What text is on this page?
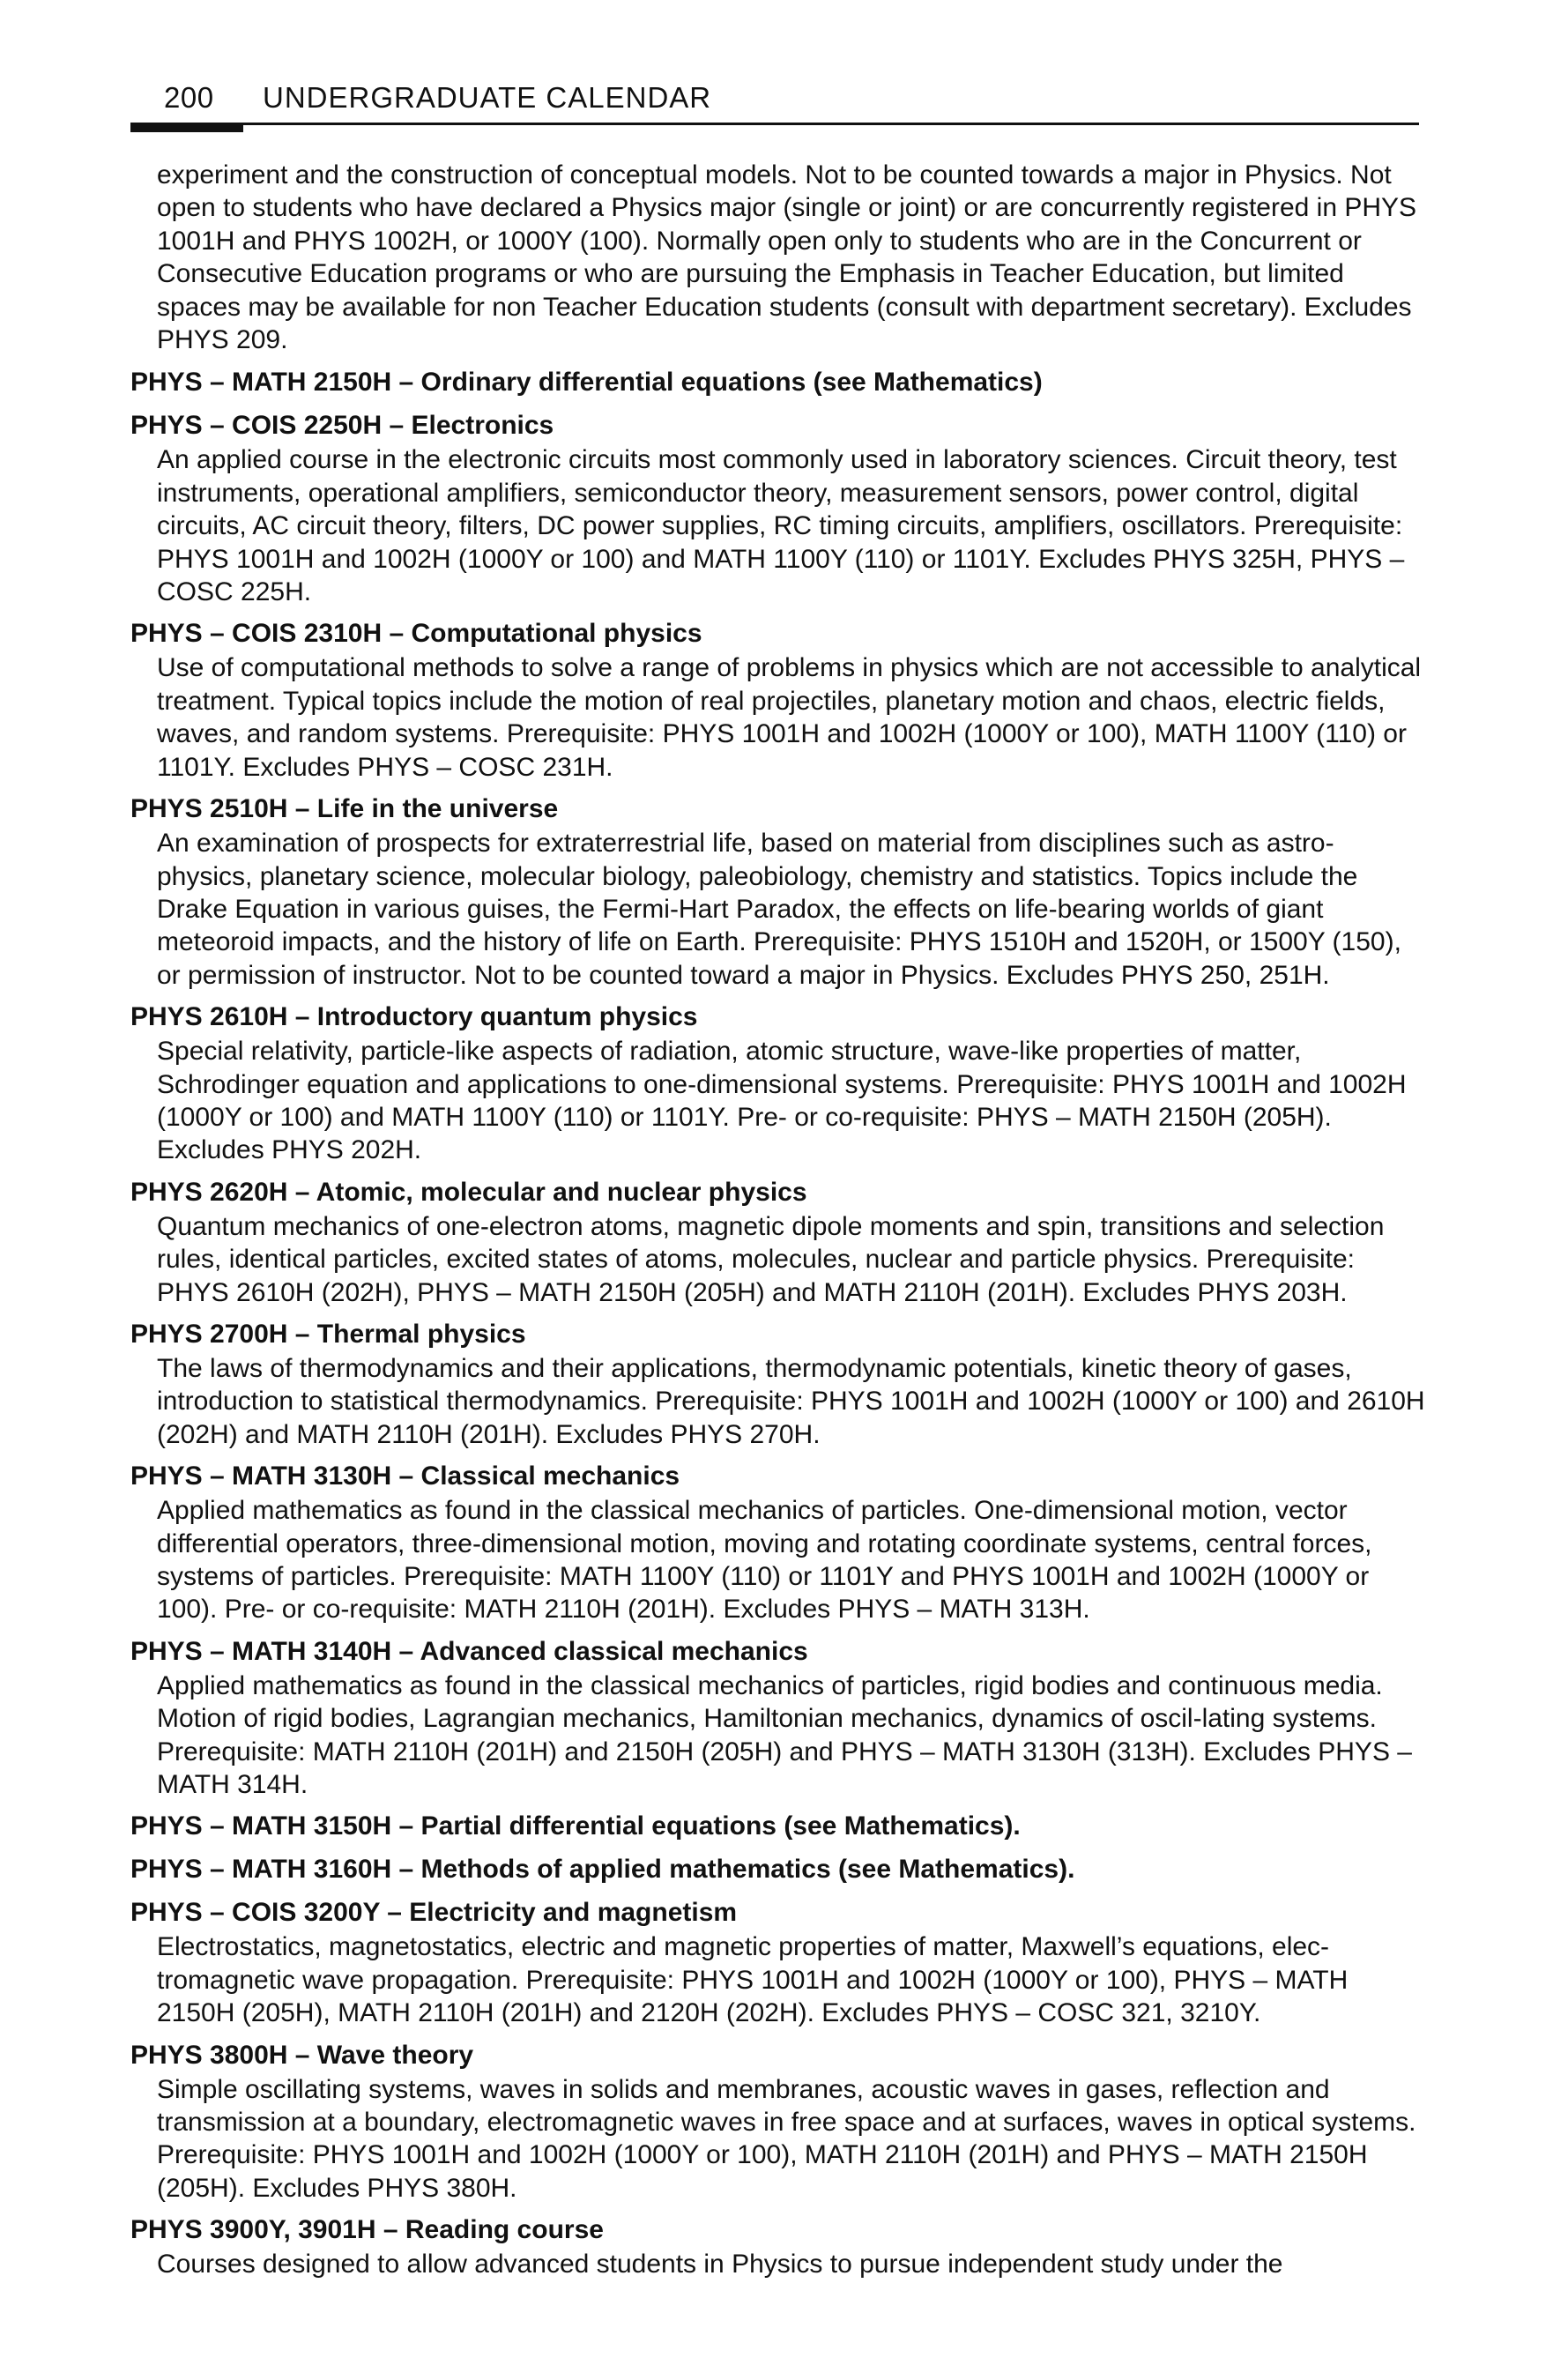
200 UNDERGRADUATE CALENDAR

experiment and the construction of conceptual models. Not to be counted towards a major in Physics. Not open to students who have declared a Physics major (single or joint) or are concurrently registered in PHYS 1001H and PHYS 1002H, or 1000Y (100). Normally open only to students who are in the Concurrent or Consecutive Education programs or who are pursuing the Emphasis in Teacher Education, but limited spaces may be available for non Teacher Education students (consult with department secretary). Excludes PHYS 209.

PHYS – MATH 2150H – Ordinary differential equations (see Mathematics)
PHYS – COIS 2250H – Electronics

An applied course in the electronic circuits most commonly used in laboratory sciences. Circuit theory, test instruments, operational amplifiers, semiconductor theory, measurement sensors, power control, digital circuits, AC circuit theory, filters, DC power supplies, RC timing circuits, amplifiers, oscillators. Prerequisite: PHYS 1001H and 1002H (1000Y or 100) and MATH 1100Y (110) or 1101Y. Excludes PHYS 325H, PHYS – COSC 225H.

PHYS – COIS 2310H – Computational physics

Use of computational methods to solve a range of problems in physics which are not accessible to analytical treatment. Typical topics include the motion of real projectiles, planetary motion and chaos, electric fields, waves, and random systems. Prerequisite: PHYS 1001H and 1002H (1000Y or 100), MATH 1100Y (110) or 1101Y. Excludes PHYS – COSC 231H.

PHYS 2510H – Life in the universe

An examination of prospects for extraterrestrial life, based on material from disciplines such as astro-physics, planetary science, molecular biology, paleobiology, chemistry and statistics. Topics include the Drake Equation in various guises, the Fermi-Hart Paradox, the effects on life-bearing worlds of giant meteoroid impacts, and the history of life on Earth. Prerequisite: PHYS 1510H and 1520H, or 1500Y (150), or permission of instructor. Not to be counted toward a major in Physics. Excludes PHYS 250, 251H.

PHYS 2610H – Introductory quantum physics

Special relativity, particle-like aspects of radiation, atomic structure, wave-like properties of matter, Schrodinger equation and applications to one-dimensional systems. Prerequisite: PHYS 1001H and 1002H (1000Y or 100) and MATH 1100Y (110) or 1101Y. Pre- or co-requisite: PHYS – MATH 2150H (205H). Excludes PHYS 202H.

PHYS 2620H – Atomic, molecular and nuclear physics

Quantum mechanics of one-electron atoms, magnetic dipole moments and spin, transitions and selection rules, identical particles, excited states of atoms, molecules, nuclear and particle physics. Prerequisite: PHYS 2610H (202H), PHYS – MATH 2150H (205H) and MATH 2110H (201H). Excludes PHYS 203H.

PHYS 2700H – Thermal physics

The laws of thermodynamics and their applications, thermodynamic potentials, kinetic theory of gases, introduction to statistical thermodynamics. Prerequisite: PHYS 1001H and 1002H (1000Y or 100) and 2610H (202H) and MATH 2110H (201H). Excludes PHYS 270H.

PHYS – MATH 3130H – Classical mechanics

Applied mathematics as found in the classical mechanics of particles. One-dimensional motion, vector differential operators, three-dimensional motion, moving and rotating coordinate systems, central forces, systems of particles. Prerequisite: MATH 1100Y (110) or 1101Y and PHYS 1001H and 1002H (1000Y or 100). Pre- or co-requisite: MATH 2110H (201H). Excludes PHYS – MATH 313H.

PHYS – MATH 3140H – Advanced classical mechanics

Applied mathematics as found in the classical mechanics of particles, rigid bodies and continuous media. Motion of rigid bodies, Lagrangian mechanics, Hamiltonian mechanics, dynamics of oscil-lating systems. Prerequisite: MATH 2110H (201H) and 2150H (205H) and PHYS – MATH 3130H (313H). Excludes PHYS – MATH 314H.

PHYS – MATH 3150H – Partial differential equations (see Mathematics).
PHYS – MATH 3160H – Methods of applied mathematics (see Mathematics).
PHYS – COIS 3200Y – Electricity and magnetism

Electrostatics, magnetostatics, electric and magnetic properties of matter, Maxwell’s equations, elec-tromagnetic wave propagation. Prerequisite: PHYS 1001H and 1002H (1000Y or 100), PHYS – MATH 2150H (205H), MATH 2110H (201H) and 2120H (202H). Excludes PHYS – COSC 321, 3210Y.

PHYS 3800H – Wave theory

Simple oscillating systems, waves in solids and membranes, acoustic waves in gases, reflection and transmission at a boundary, electromagnetic waves in free space and at surfaces, waves in optical systems. Prerequisite: PHYS 1001H and 1002H (1000Y or 100), MATH 2110H (201H) and PHYS – MATH 2150H (205H). Excludes PHYS 380H.

PHYS 3900Y, 3901H – Reading course

Courses designed to allow advanced students in Physics to pursue independent study under the
